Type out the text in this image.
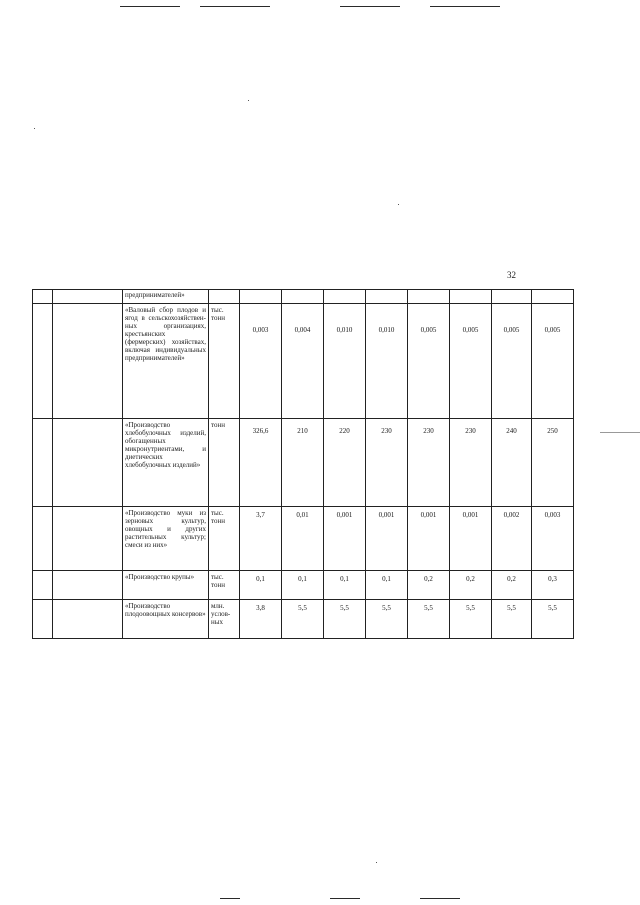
32
		предпринимателей»									
		«Валовый сбор плодов и ягод в сельскохозяйствен-ных организациях, крестьянских (фермерских) хозяйствах, включая индивидуальных предпринимателей»	тыс. тонн	0,003	0,004	0,010	0,010	0,005	0,005	0,005	0,005
		«Производство хлебобулочных изделий, обогащенных микронутриентами, и диетических хлебобулочных изделий»	тонн	326,6	210	220	230	230	230	240	250
		«Производство муки из зерновых культур, овощных и других растительных культур; смеси из них»	тыс. тонн	3,7	0,01	0,001	0,001	0,001	0,001	0,002	0,003
		«Производство крупы»	тыс. тонн	0,1	0,1	0,1	0,1	0,2	0,2	0,2	0,3
		«Производство плодоовощных консервов»	млн. услов-ных	3,8	5,5	5,5	5,5	5,5	5,5	5,5	5,5
